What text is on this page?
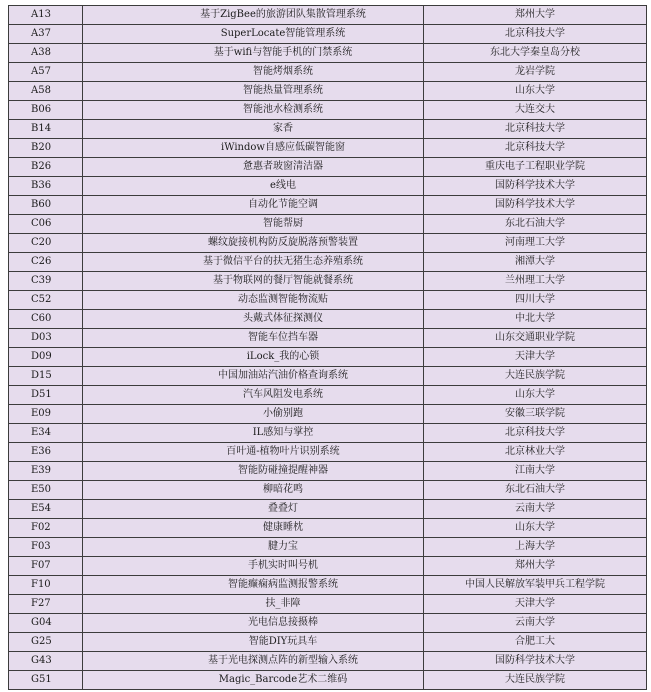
A13	基于ZigBee的旅游团队集散管理系统	郑州大学
A37	SuperLocate智能管理系统	北京科技大学
A38	基于wifi与智能手机的门禁系统	东北大学秦皇岛分校
A57	智能烤烟系统	龙岩学院
A58	智能热量管理系统	山东大学
B06	智能池水检测系统	大连交大
B14	家香	北京科技大学
B20	iWindow自感应低碳智能窗	北京科技大学
B26	惫惠者玻窗清洁器	重庆电子工程职业学院
B36	e线电	国防科学技术大学
B60	自动化节能空调	国防科学技术大学
C06	智能帮厨	东北石油大学
C20	螺纹旋接机构防反旋脱落预警装置	河南理工大学
C26	基于微信平台的扶无猪生态养殖系统	湘潭大学
C39	基于物联网的餐厅智能就餐系统	兰州理工大学
C52	动态监测智能物流贴	四川大学
C60	头戴式体征探测仪	中北大学
D03	智能车位挡车器	山东交通职业学院
D09	iLock_我的心锁	天津大学
D15	中国加油站汽油价格查询系统	大连民族学院
D51	汽车风阻发电系统	山东大学
E09	小偷别跑	安徽三联学院
E34	IL感知与掌控	北京科技大学
E36	百叶通-植物叶片识别系统	北京林业大学
E39	智能防碰撞提醒神器	江南大学
E50	柳暗花鸣	东北石油大学
E54	叠叠灯	云南大学
F02	健康睡枕	山东大学
F03	腱力宝	上海大学
F07	手机实时叫号机	郑州大学
F10	智能癫痫病监测报警系统	中国人民解放军装甲兵工程学院
F27	扶_非障	天津大学
G04	光电信息接摄棒	云南大学
G25	智能DIY玩具车	合肥工大
G43	基于光电探测点阵的新型输入系统	国防科学技术大学
G51	Magic_Barcode艺术二维码	大连民族学院
